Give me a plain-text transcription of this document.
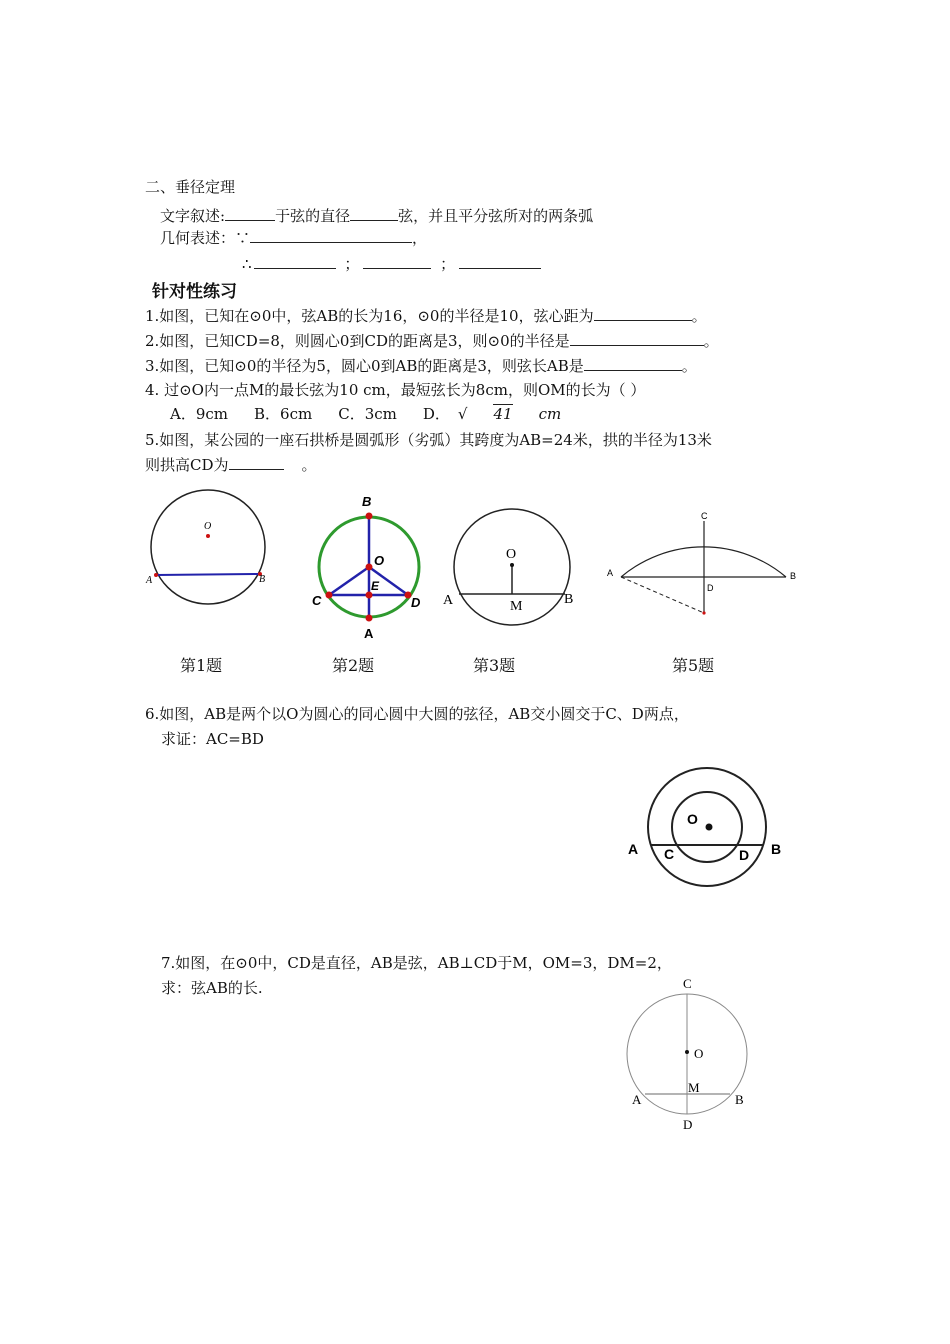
二、垂径定理
文字叙述:	于弦的直径	弦，并且平分弦所对的两条弧
几何表述：∵	，
∴	；	；
针对性练习
1.如图，已知在⊙0中，弦AB的长为16，⊙0的半径是10，弦心距为	。
2.如图，已知CD=8，则圆心0到CD的距离是3，则⊙0的半径是	。
3.如图，已知⊙0的半径为5，圆心0到AB的距离是3，则弦长AB是	。
4. 过⊙O内一点M的最长弦为10 cm，最短弦长为8cm，则OM的长为（ ）
A．9cm B．6cm C．3cm D． √ 41 cm
5.如图，某公园的一座石拱桥是圆弧形（劣弧）其跨度为AB=24米，拱的半径为13米
则拱高CD为	。
O
A	B
第1题
B
O
E
C	D
A
第2题
O
A	M	B
第3题
A	B
C
D
第5题
6.如图，AB是两个以O为圆心的同心圆中大圆的弦径，AB交小圆交于C、D两点，
求证：AC=BD
O
A C	D B
7.如图，在⊙0中，CD是直径，AB是弦，AB⊥CD于M，OM=3，DM=2，
求：弦AB的长.	C
O
M
A	B
D
